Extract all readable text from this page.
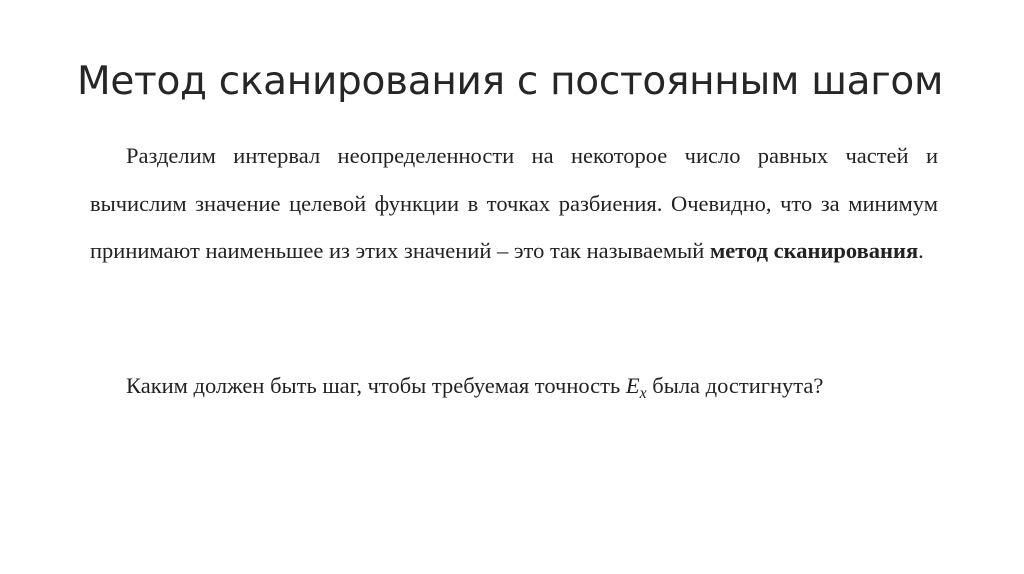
Метод сканирования с постоянным шагом

Разделим интервал неопределенности на некоторое число равных частей и вычислим значение целевой функции в точках разбиения. Очевидно, что за минимум принимают наименьшее из этих значений – это так называемый метод сканирования.

Каким должен быть шаг, чтобы требуемая точность $E_x$ была достигнута?
